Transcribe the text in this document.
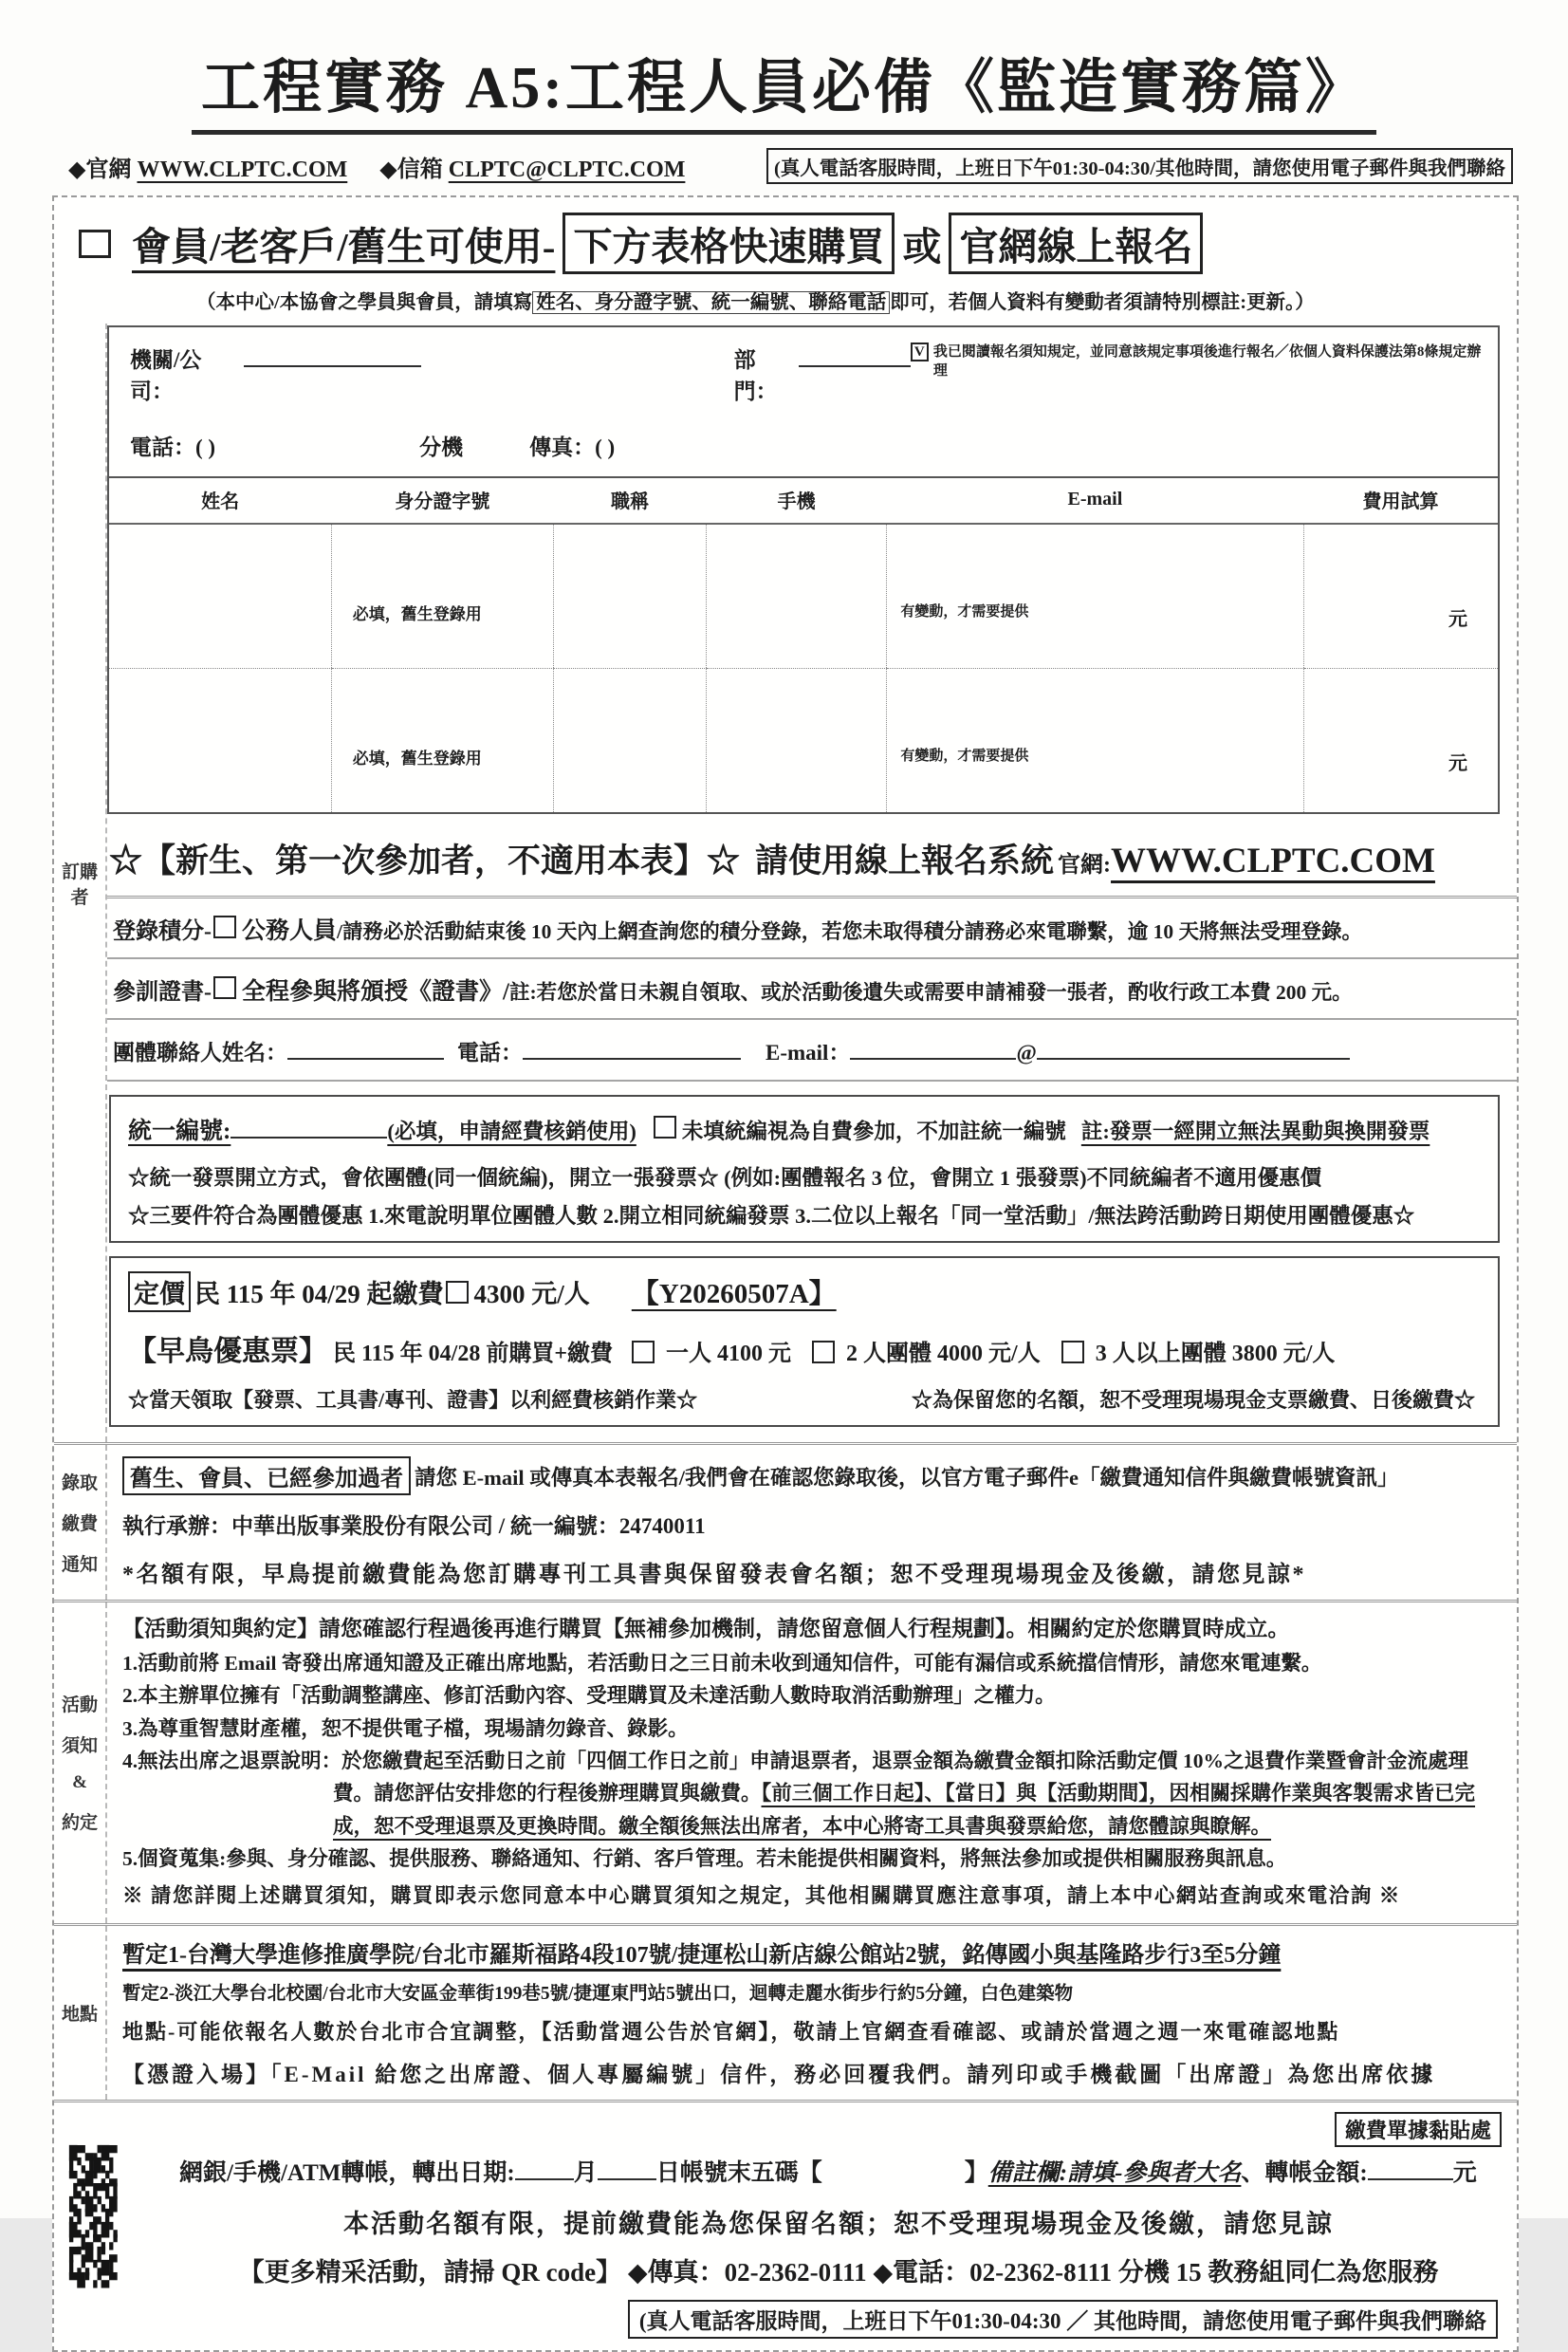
工程實務 A5:工程人員必備《監造實務篇》
◆官網 WWW.CLPTC.COM ◆信箱 CLPTC@CLPTC.COM	(真人電話客服時間，上班日下午01:30-04:30/其他時間，請您使用電子郵件與我們聯絡
會員/老客戶/舊生可使用- 下方表格快速購買 或 官網線上報名
（本中心/本協會之學員與會員，請填寫 姓名、身分證字號、統一編號、聯絡電話 即可，若個人資料有變動者須請特別標註:更新。）
訂購者
機關/公司：
部門：
V 我已閱讀報名須知規定，並同意該規定事項後進行報名／依個人資料保護法第8條規定辦理
電話：( )	分機	傳真：( )
姓名	身分證字號	職稱	手機	E-mail	費用試算

	必填，舊生登錄用			有變動，才需要提供	元

	必填，舊生登錄用			有變動，才需要提供	元
☆【新生、第一次參加者，不適用本表】☆ 請使用線上報名系統 官網: WWW.CLPTC.COM
登錄積分- 公務人員 /請務必於活動結束後 10 天內上網查詢您的積分登錄，若您未取得積分請務必來電聯繫，逾 10 天將無法受理登錄。
參訓證書- 全程參與將頒授《證書》/ 註:若您於當日未親自領取、或於活動後遺失或需要申請補發一張者，酌收行政工本費 200 元。
團體聯絡人姓名：	電話：	E-mail：	@
統一編號:	(必填，申請經費核銷使用) 未填統編視為自費參加，不加註統一編號 註:發票一經開立無法異動與換開發票
☆統一發票開立方式，會依團體(同一個統編)，開立一張發票☆ (例如:團體報名 3 位，會開立 1 張發票)不同統編者不適用優惠價
☆三要件符合為團體優惠 1.來電說明單位團體人數 2.開立相同統編發票 3.二位以上報名「同一堂活動」/無法跨活動跨日期使用團體優惠☆
定價 民 115 年 04/29 起繳費 4300 元/人 【Y20260507A】
【早鳥優惠票】 民 115 年 04/28 前購買+繳費 一人 4100 元 2 人團體 4000 元/人 3 人以上團體 3800 元/人
☆當天領取【發票、工具書/專刊、證書】以利經費核銷作業☆	☆為保留您的名額，恕不受理現場現金支票繳費、日後繳費☆
錄取
繳費
通知
舊生、會員、已經參加過者 請您 E-mail 或傳真本表報名/我們會在確認您錄取後，以官方電子郵件e「繳費通知信件與繳費帳號資訊」
執行承辦：中華出版事業股份有限公司 / 統一編號：24740011
*名額有限，早鳥提前繳費能為您訂購專刊工具書與保留發表會名額；恕不受理現場現金及後繳，請您見諒*
活動
須知
&
約定
【活動須知與約定】請您確認行程過後再進行購買【無補參加機制，請您留意個人行程規劃】。相關約定於您購買時成立。
1.活動前將 Email 寄發出席通知證及正確出席地點，若活動日之三日前未收到通知信件，可能有漏信或系統擋信情形，請您來電連繫。
2.本主辦單位擁有「活動調整講座、修訂活動內容、受理購買及未達活動人數時取消活動辦理」之權力。
3.為尊重智慧財產權，恕不提供電子檔，現場請勿錄音、錄影。
4.無法出席之退票說明：於您繳費起至活動日之前「四個工作日之前」申請退票者，退票金額為繳費金額扣除活動定價 10%之退費作業暨會計金流處理費。請您評估安排您的行程後辦理購買與繳費。【前三個工作日起】、【當日】與【活動期間】，因相關採購作業與客製需求皆已完成，恕不受理退票及更換時間。繳全額後無法出席者，本中心將寄工具書與發票給您，請您體諒與瞭解。
5.個資蒐集:參與、身分確認、提供服務、聯絡通知、行銷、客戶管理。若未能提供相關資料，將無法參加或提供相關服務與訊息。
※ 請您詳閱上述購買須知，購買即表示您同意本中心購買須知之規定，其他相關購買應注意事項，請上本中心網站查詢或來電洽詢 ※
地點
暫定1-台灣大學進修推廣學院/台北市羅斯福路4段107號/捷運松山新店線公館站2號，銘傳國小與基隆路步行3至5分鐘
暫定2-淡江大學台北校園/台北市大安區金華街199巷5號/捷運東門站5號出口，迴轉走麗水街步行約5分鐘，白色建築物
地點-可能依報名人數於台北市合宜調整，【活動當週公告於官網】，敬請上官網查看確認、或請於當週之週一來電確認地點
【憑證入場】「E-Mail 給您之出席證、個人專屬編號」信件，務必回覆我們。請列印或手機截圖「出席證」為您出席依據
繳費單據黏貼處
█▀▄▞█▀
▌▚▐█▖▌
▀▄█▘▞▄
▐▞▖▛▜▐
▙▝█▞▖█
▞▌▀▄▐▘
█▖▞▌█▚
▘▐▄▀▖▞
▛▚█▐▘▄
▌▞▖▚█▌
▀█▘▞▄▀
網銀/手機/ATM轉帳，轉出日期: 月 日帳號末五碼【	】 備註欄:請填-參與者大名 、轉帳金額:	元
本活動名額有限，提前繳費能為您保留名額；恕不受理現場現金及後繳，請您見諒
【更多精采活動，請掃 QR code】 ◆傳真：02-2362-0111 ◆電話：02-2362-8111 分機 15 教務組同仁為您服務
(真人電話客服時間，上班日下午01:30-04:30 ／ 其他時間，請您使用電子郵件與我們聯絡
